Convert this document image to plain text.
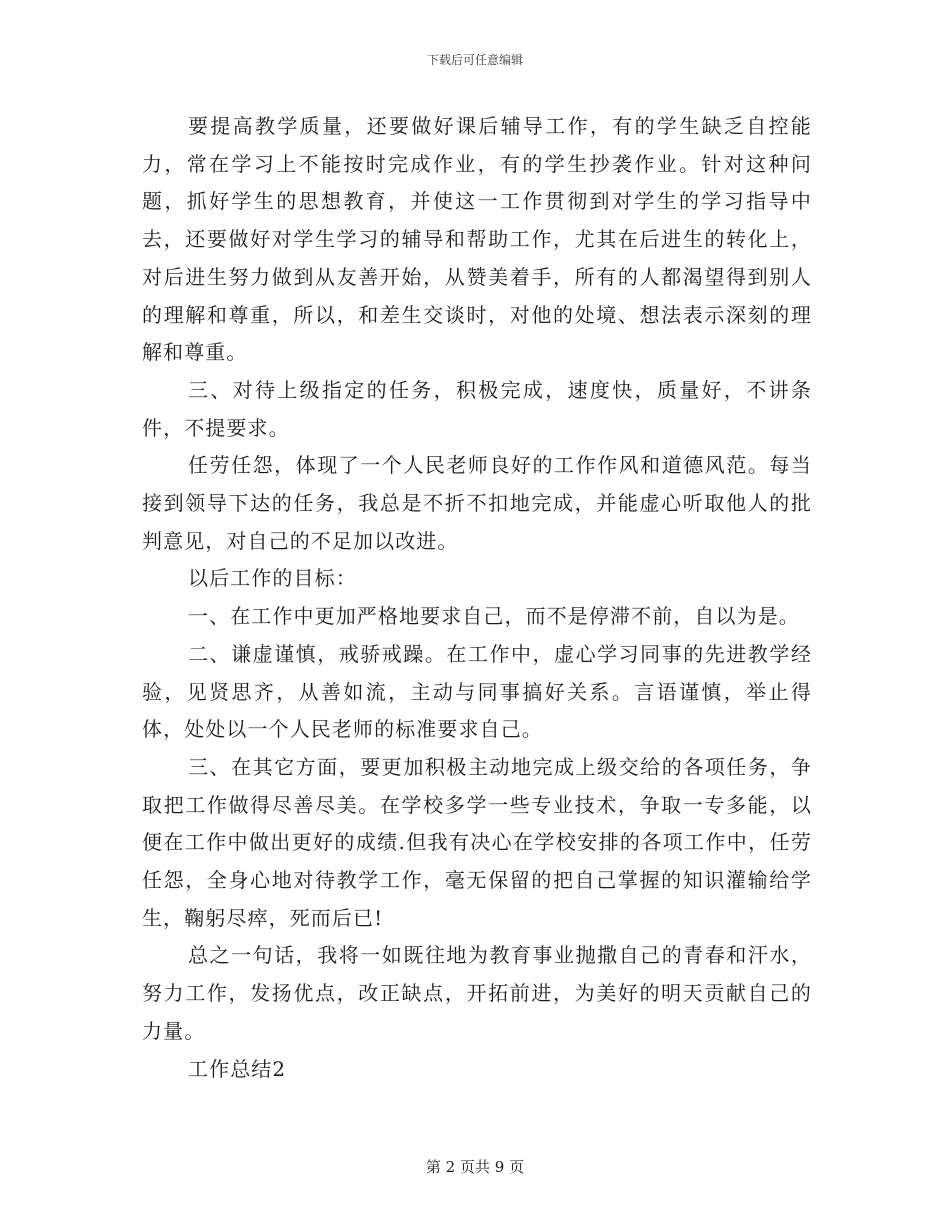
下载后可任意编辑

要提高教学质量，还要做好课后辅导工作，有的学生缺乏自控能力，常在学习上不能按时完成作业，有的学生抄袭作业。针对这种问题，抓好学生的思想教育，并使这一工作贯彻到对学生的学习指导中去，还要做好对学生学习的辅导和帮助工作，尤其在后进生的转化上，对后进生努力做到从友善开始，从赞美着手，所有的人都渴望得到别人的理解和尊重，所以，和差生交谈时，对他的处境、想法表示深刻的理解和尊重。

三、对待上级指定的任务，积极完成，速度快，质量好，不讲条件，不提要求。

任劳任怨，体现了一个人民老师良好的工作作风和道德风范。每当接到领导下达的任务，我总是不折不扣地完成，并能虚心听取他人的批判意见，对自己的不足加以改进。

以后工作的目标：

一、在工作中更加严格地要求自己，而不是停滞不前，自以为是。

二、谦虚谨慎，戒骄戒躁。在工作中，虚心学习同事的先进教学经验，见贤思齐，从善如流，主动与同事搞好关系。言语谨慎，举止得体，处处以一个人民老师的标准要求自己。

三、在其它方面，要更加积极主动地完成上级交给的各项任务，争取把工作做得尽善尽美。在学校多学一些专业技术，争取一专多能，以便在工作中做出更好的成绩.但我有决心在学校安排的各项工作中，任劳任怨，全身心地对待教学工作，毫无保留的把自己掌握的知识灌输给学生，鞠躬尽瘁，死而后已!

总之一句话，我将一如既往地为教育事业抛撒自己的青春和汗水，努力工作，发扬优点，改正缺点，开拓前进，为美好的明天贡献自己的力量。

工作总结2

第 2 页共 9 页
